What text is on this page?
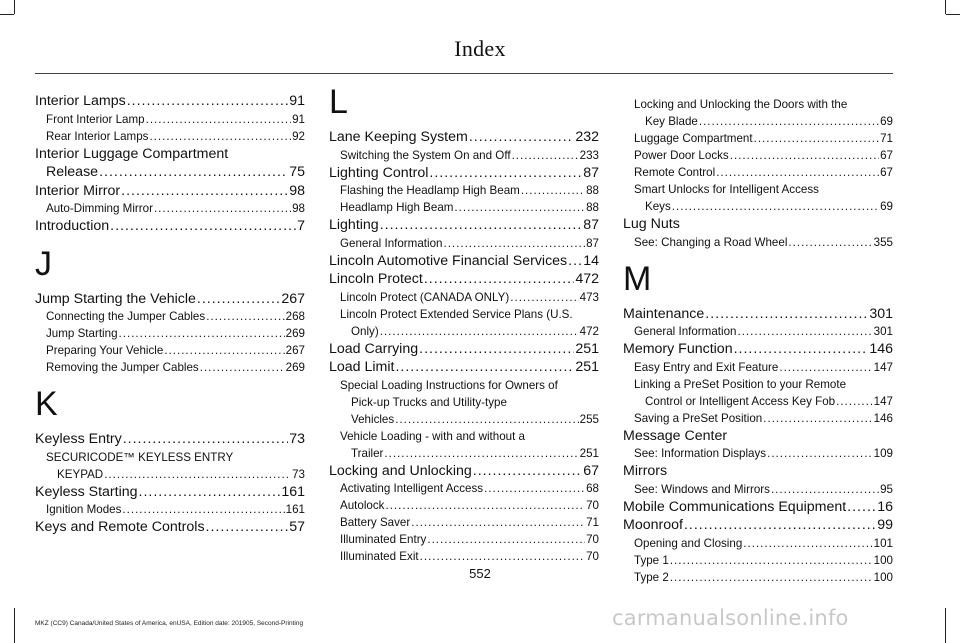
Index
Interior Lamps .....	91
Front Interior Lamp .....	91
Rear Interior Lamps .....	92
Interior Luggage Compartment
Release .....	75
Interior Mirror .....	98
Auto-Dimming Mirror .....	98
Introduction .....	7
J
Jump Starting the Vehicle .....	267
Connecting the Jumper Cables .....	268
Jump Starting .....	269
Preparing Your Vehicle .....	267
Removing the Jumper Cables .....	269
K
Keyless Entry .....	73
SECURICODE™ KEYLESS ENTRY
KEYPAD .....	73
Keyless Starting .....	161
Ignition Modes .....	161
Keys and Remote Controls .....	57
L
Lane Keeping System .....	232
Switching the System On and Off .....	233
Lighting Control .....	87
Flashing the Headlamp High Beam .....	88
Headlamp High Beam .....	88
Lighting .....	87
General Information .....	87
Lincoln Automotive Financial Services ..... 14
Lincoln Protect .....	472
Lincoln Protect (CANADA ONLY) .....	473
Lincoln Protect Extended Service Plans (U.S.
Only) .....	472
Load Carrying .....	251
Load Limit .....	251
Special Loading Instructions for Owners of
Pick-up Trucks and Utility-type
Vehicles .....	255
Vehicle Loading - with and without a
Trailer .....	251
Locking and Unlocking .....	67
Activating Intelligent Access .....	68
Autolock .....	70
Battery Saver .....	71
Illuminated Entry .....	70
Illuminated Exit .....	70
Locking and Unlocking the Doors with the
Key Blade .....	69
Luggage Compartment .....	71
Power Door Locks .....	67
Remote Control .....	67
Smart Unlocks for Intelligent Access
Keys .....	69
Lug Nuts
See: Changing a Road Wheel .....	355
M
Maintenance .....	301
General Information .....	301
Memory Function .....	146
Easy Entry and Exit Feature .....	147
Linking a PreSet Position to your Remote
Control or Intelligent Access Key Fob .....	147
Saving a PreSet Position .....	146
Message Center
See: Information Displays .....	109
Mirrors
See: Windows and Mirrors .....	95
Mobile Communications Equipment ..... 16
Moonroof .....	99
Opening and Closing .....	101
Type 1 .....	100
Type 2 .....	100
552
MKZ (CC9) Canada/United States of America, enUSA, Edition date: 201905, Second-Printing	carmanualsonline.info
